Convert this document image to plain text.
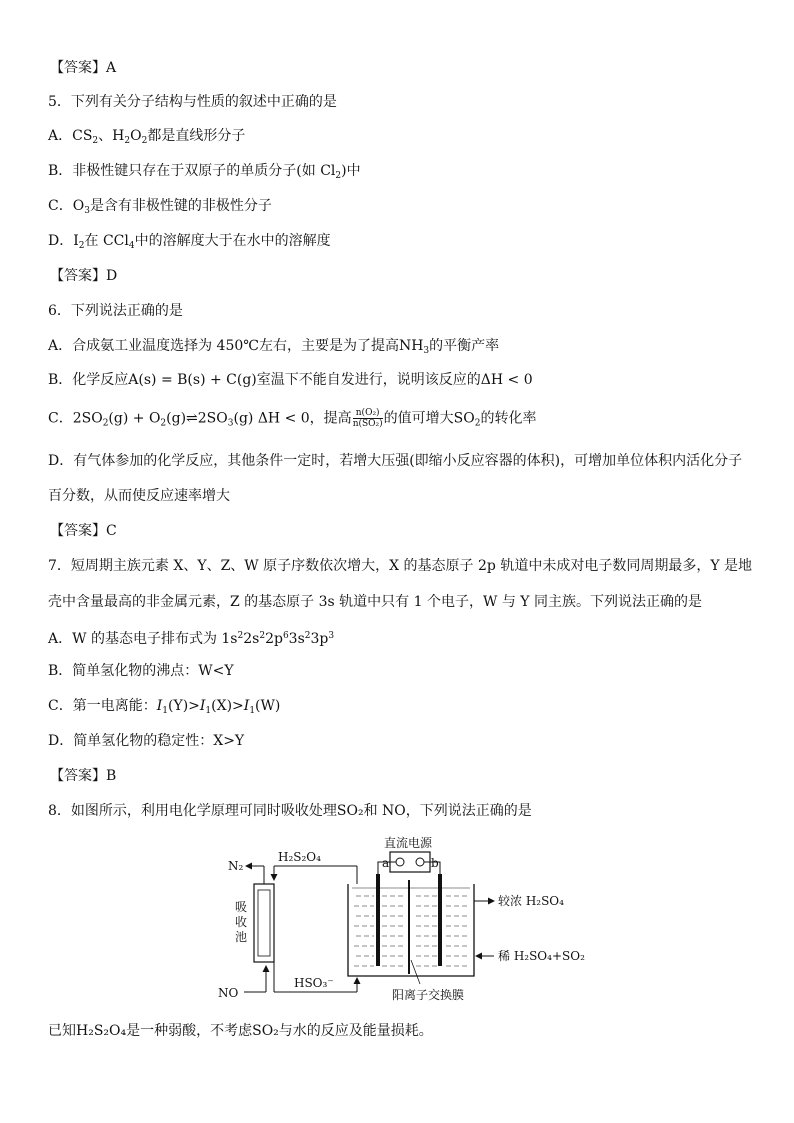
【答案】A
5．下列有关分子结构与性质的叙述中正确的是
A．$CS_2$、$H_2O_2$都是直线形分子
B．非极性键只存在于双原子的单质分子(如 $Cl_2$)中
C．$O_3$是含有非极性键的非极性分子
D．$I_2$在 CCl$_4$中的溶解度大于在水中的溶解度
【答案】D
6．下列说法正确的是
A．合成氨工业温度选择为 450℃左右，主要是为了提高$NH_3$的平衡产率
B．化学反应A(s) = B(s) + C(g)室温下不能自发进行，说明该反应的ΔH < 0
C．$2SO_2(g)$ + $O_2(g)\rightleftharpoons 2SO_3(g) \Delta H < 0$，提高 $\frac{\text{n(O₂)}}{\text{n(SO₂)}}$ 的值可增大$SO_2$的转化率
D．有气体参加的化学反应，其他条件一定时，若增大压强(即缩小反应容器的体积)，可增加单位体积内活化分子
百分数，从而使反应速率增大
【答案】C
7．短周期主族元素 X、Y、Z、W 原子序数依次增大，X 的基态原子 2p 轨道中未成对电子数同周期最多，Y 是地
壳中含量最高的非金属元素，Z 的基态原子 3s 轨道中只有 1 个电子，W 与 Y 同主族。下列说法正确的是
A．W 的基态电子排布式为 $1s^22s^22p^63s^23p^3$
B．简单氢化物的沸点：W<Y
C．第一电离能：$I_1(Y)>I_1(X)>I_1(W)$
D．简单氢化物的稳定性：X>Y
【答案】B
8．如图所示，利用电化学原理可同时吸收处理SO₂和 NO，下列说法正确的是
N₂
H₂S₂O₄
直流电源
a	b
吸
收
池
NO
HSO₃⁻
阳离子交换膜
较浓 H₂SO₄
稀 H₂SO₄+SO₂
已知H₂S₂O₄是一种弱酸，不考虑SO₂与水的反应及能量损耗。
